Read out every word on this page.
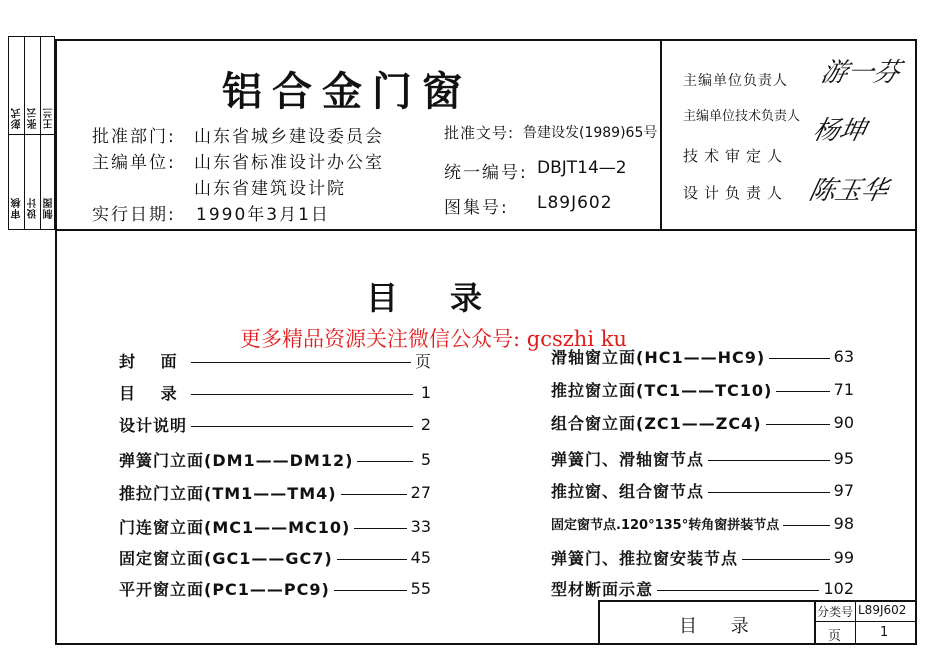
审核 设计 制图
彭式 张云 王兰
铝合金门窗
批准部门: 山东省城乡建设委员会
主编单位: 山东省标准设计办公室
山东省建筑设计院
实行日期: 1990年3月1日
批准文号: 鲁建设发(1989)65号
统一编号: DBJT14—2
图集号: L89J602
主编单位负责人 游一芬
主编单位技术负责人 杨坤
技术审定人
设计负责人 陈玉华
目录
更多精品资源关注微信公众号: gcszhi ku
封 面	页
目 录	1
设计说明	2
弹簧门立面(DM1——DM12)	5
推拉门立面(TM1——TM4)	27
门连窗立面(MC1——MC10)	33
固定窗立面(GC1——GC7)	45
平开窗立面(PC1——PC9)	55
滑轴窗立面(HC1——HC9)	63
推拉窗立面(TC1——TC10)	71
组合窗立面(ZC1——ZC4)	90
弹簧门、滑轴窗节点	95
推拉窗、组合窗节点	97
固定窗节点.120°135°转角窗拼装节点	98
弹簧门、推拉窗安装节点	99
型材断面示意	102
目 录
分类号 L89J602
页	1
